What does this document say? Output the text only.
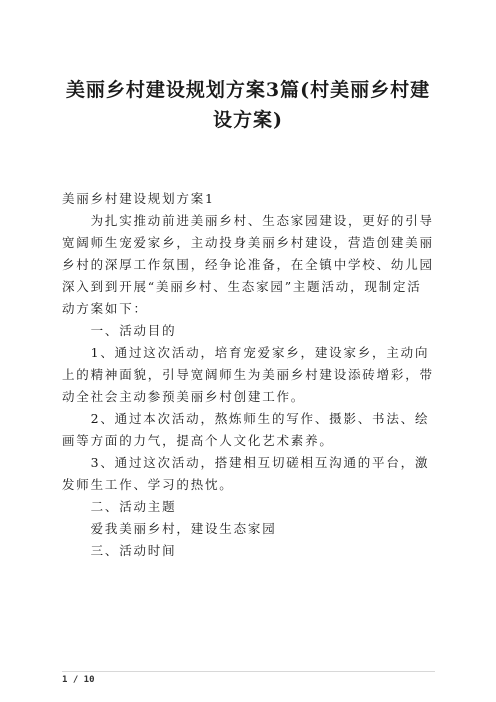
美丽乡村建设规划方案3篇(村美丽乡村建
设方案)
美丽乡村建设规划方案1
　　为扎实推动前进美丽乡村、生态家园建设，更好的引导
宽阔师生宠爱家乡，主动投身美丽乡村建设，营造创建美丽
乡村的深厚工作氛围，经争论准备，在全镇中学校、幼儿园
深入到到开展“美丽乡村、生态家园”主题活动，现制定活
动方案如下：
　　一、活动目的
　　1、通过这次活动，培育宠爱家乡，建设家乡，主动向
上的精神面貌，引导宽阔师生为美丽乡村建设添砖增彩，带
动全社会主动参预美丽乡村创建工作。
　　2、通过本次活动，熬炼师生的写作、摄影、书法、绘
画等方面的力气，提高个人文化艺术素养。
　　3、通过这次活动，搭建相互切磋相互沟通的平台，激
发师生工作、学习的热忱。
　　二、活动主题
　　爱我美丽乡村，建设生态家园
　　三、活动时间
1 / 10
